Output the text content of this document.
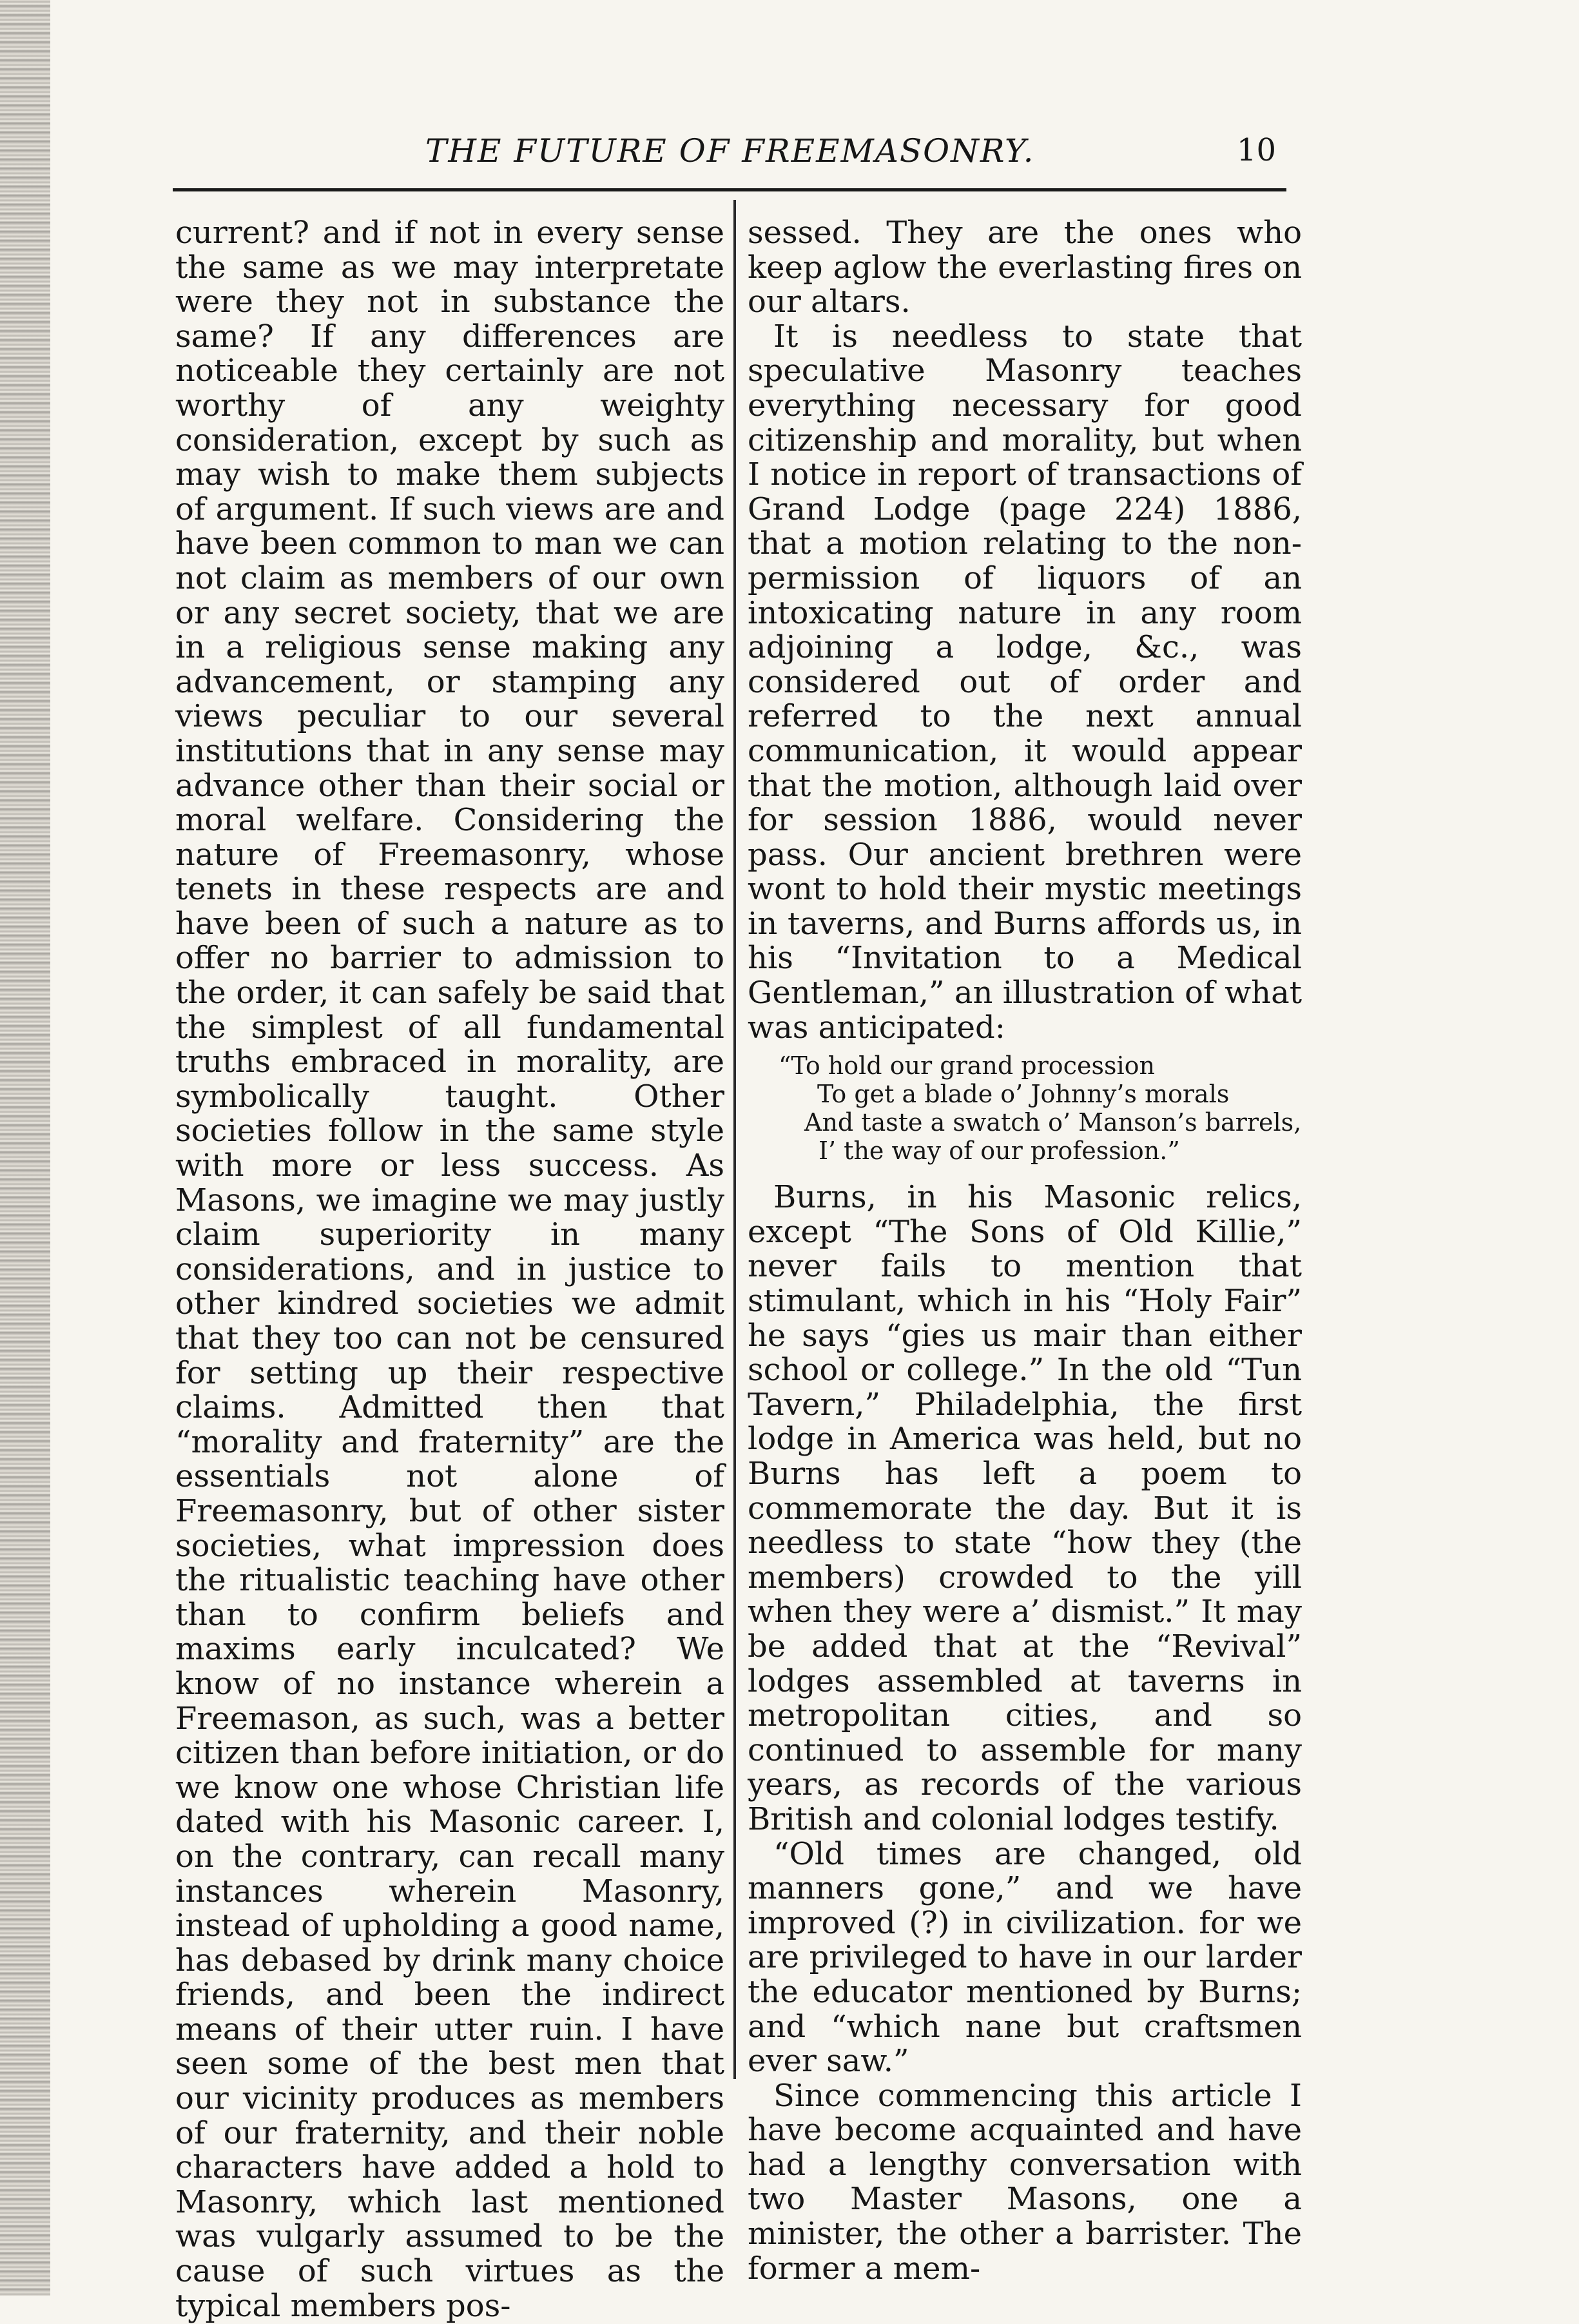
THE FUTURE OF FREEMASONRY.	10

current? and if not in every sense the same as we may interpretate were they not in substance the same? If any differences are noticeable they certainly are not worthy of any weighty consideration, except by such as may wish to make them subjects of argument. If such views are and have been common to man we can not claim as members of our own or any secret society, that we are in a religious sense making any advancement, or stamping any views peculiar to our several institutions that in any sense may advance other than their social or moral welfare. Considering the nature of Freemasonry, whose tenets in these respects are and have been of such a nature as to offer no barrier to admission to the order, it can safely be said that the simplest of all fundamental truths embraced in morality, are symbolically taught. Other societies follow in the same style with more or less success. As Masons, we imagine we may justly claim superiority in many considerations, and in justice to other kindred societies we admit that they too can not be censured for setting up their respective claims. Admitted then that “morality and fraternity” are the essentials not alone of Freemasonry, but of other sister societies, what impression does the ritualistic teaching have other than to confirm beliefs and maxims early inculcated? We know of no instance wherein a Freemason, as such, was a better citizen than before initiation, or do we know one whose Christian life dated with his Masonic career. I, on the contrary, can recall many instances wherein Masonry, instead of upholding a good name, has debased by drink many choice friends, and been the indirect means of their utter ruin. I have seen some of the best men that our vicinity produces as members of our fraternity, and their noble characters have added a hold to Masonry, which last mentioned was vulgarly assumed to be the cause of such virtues as the typical members pos-

sessed. They are the ones who keep aglow the everlasting fires on our altars.

It is needless to state that speculative Masonry teaches everything necessary for good citizenship and morality, but when I notice in report of transactions of Grand Lodge (page 224) 1886, that a motion relating to the non-permission of liquors of an intoxicating nature in any room adjoining a lodge, &c., was considered out of order and referred to the next annual communication, it would appear that the motion, although laid over for session 1886, would never pass. Our ancient brethren were wont to hold their mystic meetings in taverns, and Burns affords us, in his “Invitation to a Medical Gentleman,” an illustration of what was anticipated:

“To hold our grand procession
To get a blade o’ Johnny’s morals
And taste a swatch o’ Manson’s barrels,
I’ the way of our profession.”

Burns, in his Masonic relics, except “The Sons of Old Killie,” never fails to mention that stimulant, which in his “Holy Fair” he says “gies us mair than either school or college.” In the old “Tun Tavern,” Philadelphia, the first lodge in America was held, but no Burns has left a poem to commemorate the day. But it is needless to state “how they (the members) crowded to the yill when they were a’ dismist.” It may be added that at the “Revival” lodges assembled at taverns in metropolitan cities, and so continued to assemble for many years, as records of the various British and colonial lodges testify.

“Old times are changed, old manners gone,” and we have improved (?) in civilization. for we are privileged to have in our larder the educator mentioned by Burns; and “which nane but craftsmen ever saw.”

Since commencing this article I have become acquainted and have had a lengthy conversation with two Master Masons, one a minister, the other a barrister. The former a mem-
